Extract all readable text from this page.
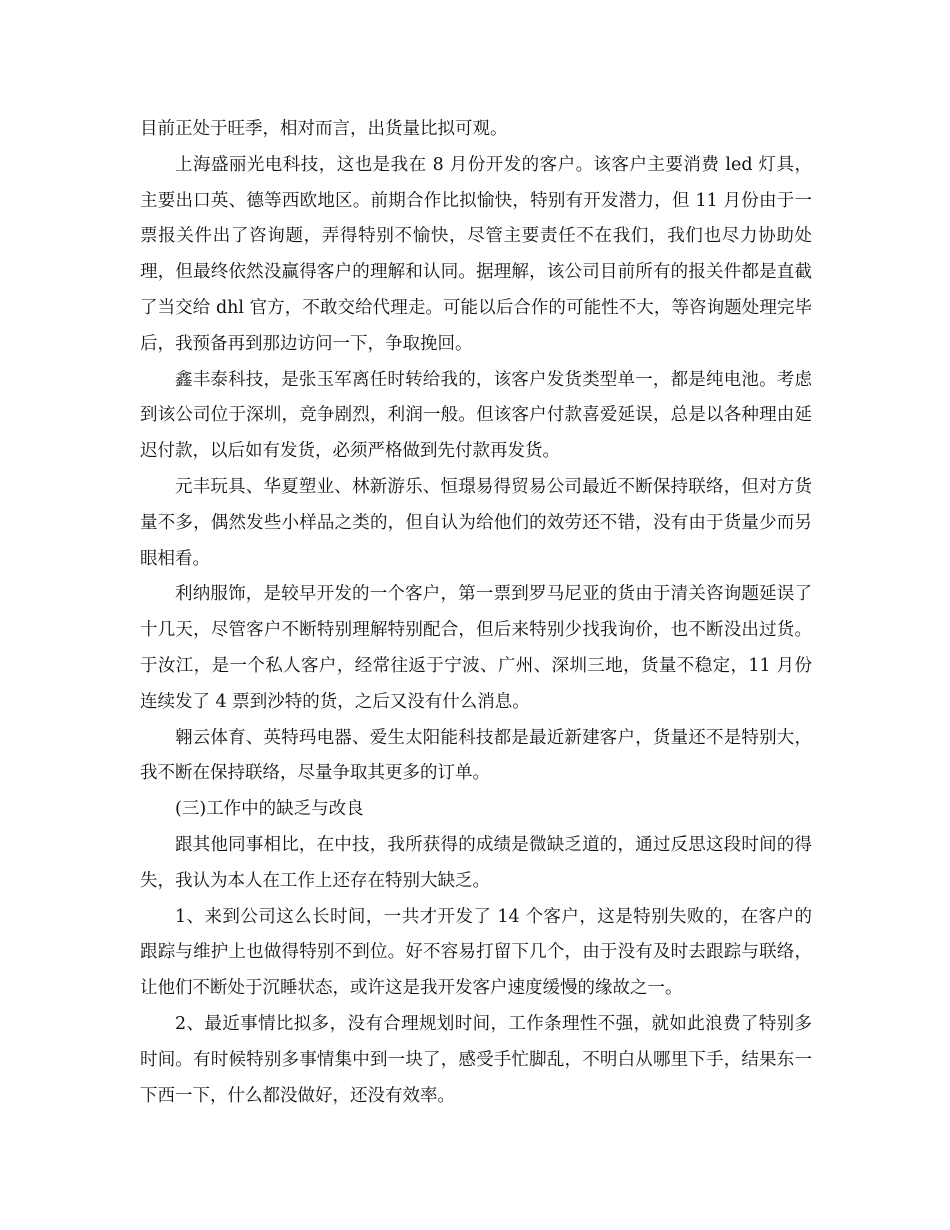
目前正处于旺季，相对而言，出货量比拟可观。

上海盛丽光电科技，这也是我在 8 月份开发的客户。该客户主要消费 led 灯具，主要出口英、德等西欧地区。前期合作比拟愉快，特别有开发潜力，但 11 月份由于一票报关件出了咨询题，弄得特别不愉快，尽管主要责任不在我们，我们也尽力协助处理，但最终依然没赢得客户的理解和认同。据理解，该公司目前所有的报关件都是直截了当交给 dhl 官方，不敢交给代理走。可能以后合作的可能性不大，等咨询题处理完毕后，我预备再到那边访问一下，争取挽回。

鑫丰泰科技，是张玉军离任时转给我的，该客户发货类型单一，都是纯电池。考虑到该公司位于深圳，竞争剧烈，利润一般。但该客户付款喜爱延误，总是以各种理由延迟付款，以后如有发货，必须严格做到先付款再发货。

元丰玩具、华夏塑业、林新游乐、恒璟易得贸易公司最近不断保持联络，但对方货量不多，偶然发些小样品之类的，但自认为给他们的效劳还不错，没有由于货量少而另眼相看。

利纳服饰，是较早开发的一个客户，第一票到罗马尼亚的货由于清关咨询题延误了十几天，尽管客户不断特别理解特别配合，但后来特别少找我询价，也不断没出过货。于汝江，是一个私人客户，经常往返于宁波、广州、深圳三地，货量不稳定，11 月份连续发了 4 票到沙特的货，之后又没有什么消息。

翱云体育、英特玛电器、爱生太阳能科技都是最近新建客户，货量还不是特别大，我不断在保持联络，尽量争取其更多的订单。

(三)工作中的缺乏与改良

跟其他同事相比，在中技，我所获得的成绩是微缺乏道的，通过反思这段时间的得失，我认为本人在工作上还存在特别大缺乏。

1、来到公司这么长时间，一共才开发了 14 个客户，这是特别失败的，在客户的跟踪与维护上也做得特别不到位。好不容易打留下几个，由于没有及时去跟踪与联络，让他们不断处于沉睡状态，或许这是我开发客户速度缓慢的缘故之一。

2、最近事情比拟多，没有合理规划时间，工作条理性不强，就如此浪费了特别多时间。有时候特别多事情集中到一块了，感受手忙脚乱，不明白从哪里下手，结果东一下西一下，什么都没做好，还没有效率。
